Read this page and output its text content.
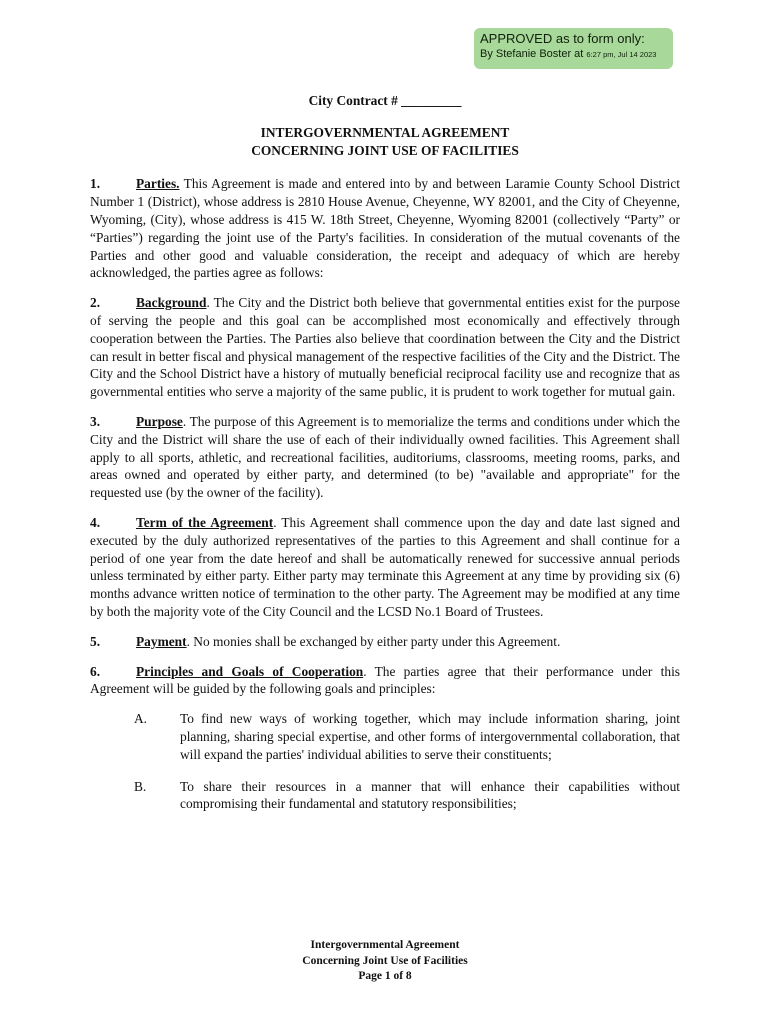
APPROVED as to form only:
By Stefanie Boster at 6:27 pm, Jul 14 2023
City Contract # _________
INTERGOVERNMENTAL AGREEMENT
CONCERNING JOINT USE OF FACILITIES

1.	Parties. This Agreement is made and entered into by and between Laramie County School District Number 1 (District), whose address is 2810 House Avenue, Cheyenne, WY 82001, and the City of Cheyenne, Wyoming, (City), whose address is 415 W. 18th Street, Cheyenne, Wyoming 82001 (collectively “Party” or “Parties”) regarding the joint use of the Party's facilities. In consideration of the mutual covenants of the Parties and other good and valuable consideration, the receipt and adequacy of which are hereby acknowledged, the parties agree as follows:

2.	Background. The City and the District both believe that governmental entities exist for the purpose of serving the people and this goal can be accomplished most economically and effectively through cooperation between the Parties. The Parties also believe that coordination between the City and the District can result in better fiscal and physical management of the respective facilities of the City and the District. The City and the School District have a history of mutually beneficial reciprocal facility use and recognize that as governmental entities who serve a majority of the same public, it is prudent to work together for mutual gain.

3.	Purpose. The purpose of this Agreement is to memorialize the terms and conditions under which the City and the District will share the use of each of their individually owned facilities. This Agreement shall apply to all sports, athletic, and recreational facilities, auditoriums, classrooms, meeting rooms, parks, and areas owned and operated by either party, and determined (to be) "available and appropriate" for the requested use (by the owner of the facility).

4.	Term of the Agreement. This Agreement shall commence upon the day and date last signed and executed by the duly authorized representatives of the parties to this Agreement and shall continue for a period of one year from the date hereof and shall be automatically renewed for successive annual periods unless terminated by either party. Either party may terminate this Agreement at any time by providing six (6) months advance written notice of termination to the other party. The Agreement may be modified at any time by both the majority vote of the City Council and the LCSD No.1 Board of Trustees.

5.	Payment. No monies shall be exchanged by either party under this Agreement.

6.	Principles and Goals of Cooperation. The parties agree that their performance under this Agreement will be guided by the following goals and principles:

A.	To find new ways of working together, which may include information sharing, joint planning, sharing special expertise, and other forms of intergovernmental collaboration, that will expand the parties' individual abilities to serve their constituents;
B.	To share their resources in a manner that will enhance their capabilities without compromising their fundamental and statutory responsibilities;
Intergovernmental Agreement
Concerning Joint Use of Facilities
Page 1 of 8
